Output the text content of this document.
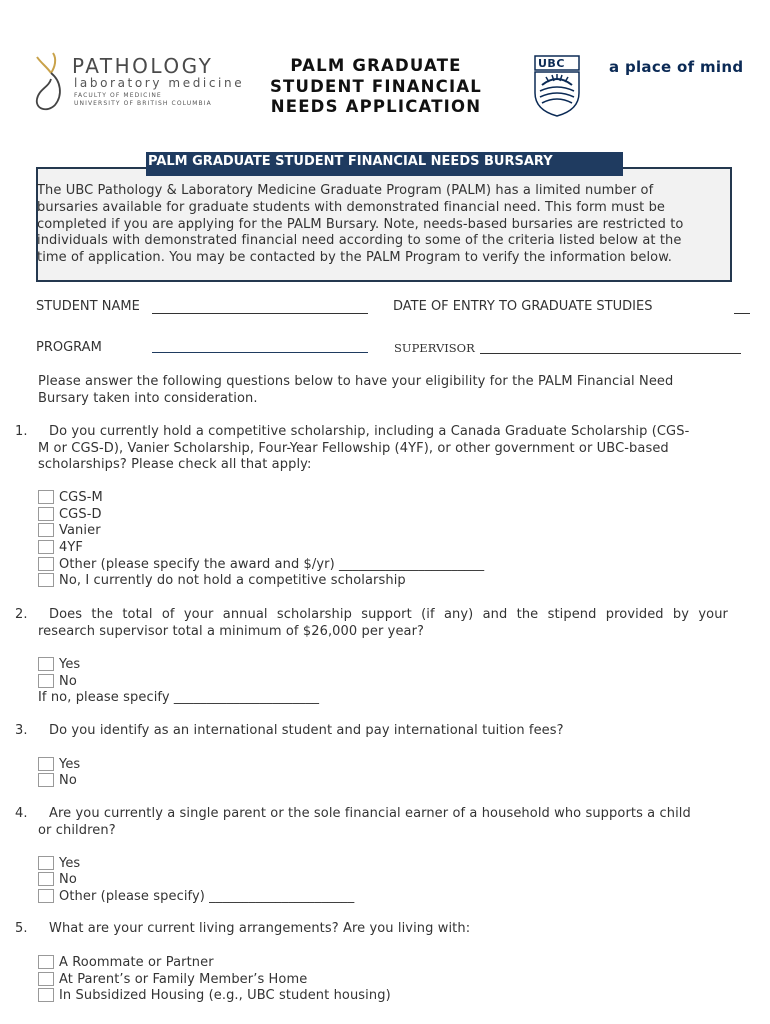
PATHOLOGY
laboratory medicine
FACULTY OF MEDICINE
UNIVERSITY OF BRITISH COLUMBIA
PALM GRADUATE
STUDENT FINANCIAL
NEEDS APPLICATION
UBC	a place of mind
PALM GRADUATE STUDENT FINANCIAL NEEDS BURSARY
The UBC Pathology & Laboratory Medicine Graduate Program (PALM) has a limited number of
bursaries available for graduate students with demonstrated financial need. This form must be
completed if you are applying for the PALM Bursary. Note, needs-based bursaries are restricted to
individuals with demonstrated financial need according to some of the criteria listed below at the
time of application. You may be contacted by the PALM Program to verify the information below.
STUDENT NAME	DATE OF ENTRY TO GRADUATE STUDIES
PROGRAM	SUPERVISOR
Please answer the following questions below to have your eligibility for the PALM Financial Need
Bursary taken into consideration.
1.	Do you currently hold a competitive scholarship, including a Canada Graduate Scholarship (CGS-
M or CGS-D), Vanier Scholarship, Four-Year Fellowship (4YF), or other government or UBC-based
scholarships? Please check all that apply:
CGS-M
CGS-D
Vanier
4YF
Other (please specify the award and $/yr) ______________________
No, I currently do not hold a competitive scholarship
2.	Does the total of your annual scholarship support (if any) and the stipend provided by your
research supervisor total a minimum of $26,000 per year?
Yes
No
If no, please specify ______________________
3. Do you identify as an international student and pay international tuition fees?
Yes
No
4.	Are you currently a single parent or the sole financial earner of a household who supports a child
or children?
Yes
No
Other (please specify) ______________________
5. What are your current living arrangements? Are you living with:
A Roommate or Partner
At Parent’s or Family Member’s Home
In Subsidized Housing (e.g., UBC student housing)
